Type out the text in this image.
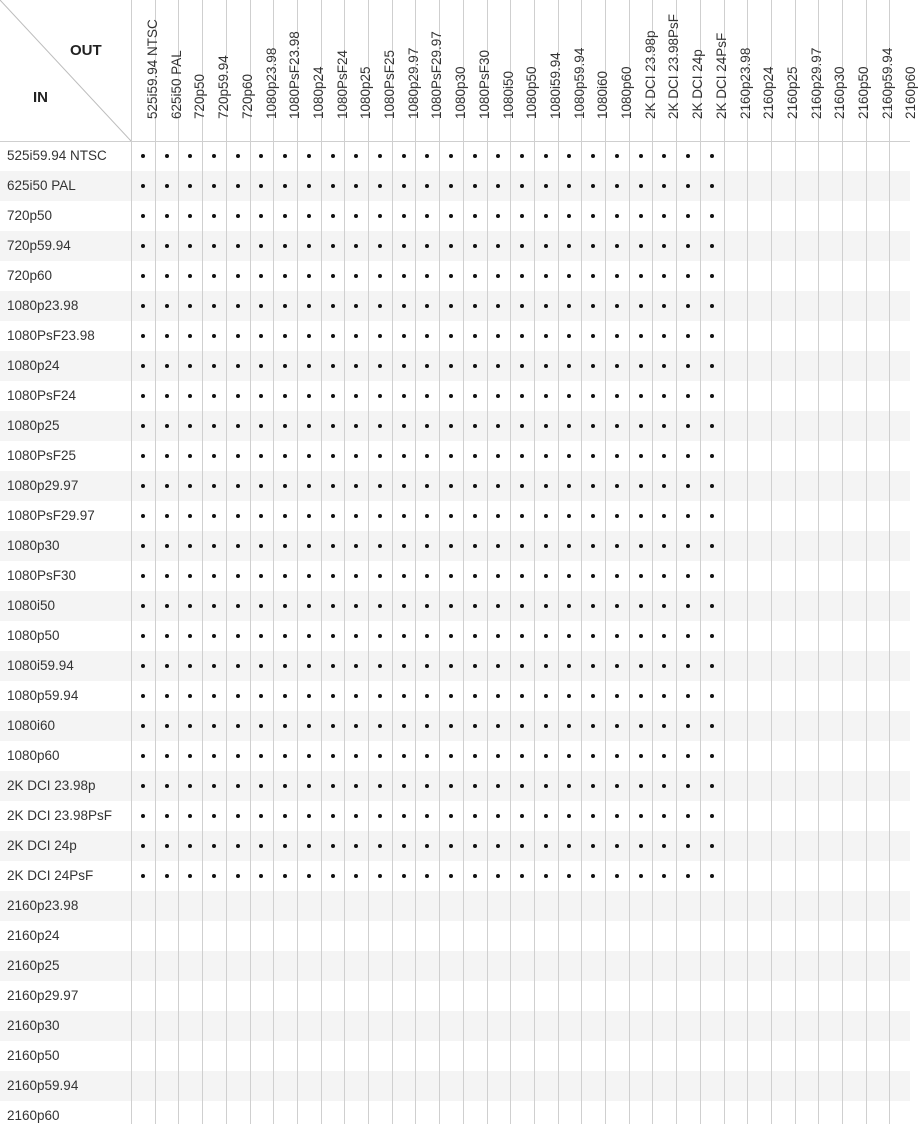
OUT
IN	525i59.94 NTSC 625i50 PAL 720p50 720p59.94 720p60 1080p23.98 1080PsF23.98 1080p24 1080PsF24 1080p25 1080PsF25 1080p29.97 1080PsF29.97 1080p30 1080PsF30 1080i50 1080p50 1080i59.94 1080p59.94 1080i60 1080p60 2K DCI 23.98p 2K DCI 23.98PsF 2K DCI 24p 2K DCI 24PsF 2160p23.98 2160p24 2160p25 2160p29.97 2160p30 2160p50 2160p59.94 2160p60
525i59.94 NTSC
625i50 PAL
720p50
720p59.94
720p60
1080p23.98
1080PsF23.98
1080p24
1080PsF24
1080p25
1080PsF25
1080p29.97
1080PsF29.97
1080p30
1080PsF30
1080i50
1080p50
1080i59.94
1080p59.94
1080i60
1080p60
2K DCI 23.98p
2K DCI 23.98PsF
2K DCI 24p
2K DCI 24PsF
2160p23.98
2160p24
2160p25
2160p29.97
2160p30
2160p50
2160p59.94
2160p60
